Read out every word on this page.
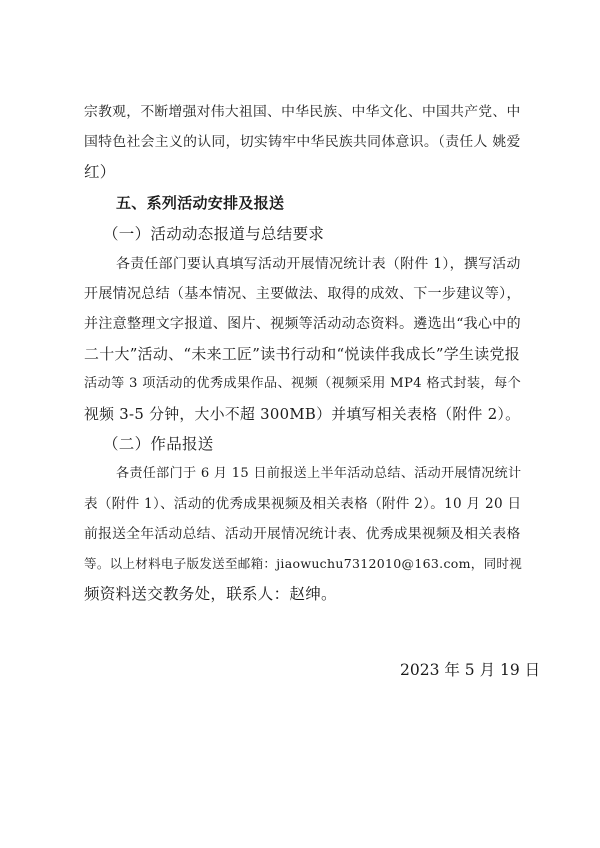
宗教观，不断增强对伟大祖国、中华民族、中华文化、中国共产党、中
国特色社会主义的认同，切实铸牢中华民族共同体意识。（责任人 姚爱
红）
五、系列活动安排及报送
（一）活动动态报道与总结要求
各责任部门要认真填写活动开展情况统计表（附件 1），撰写活动
开展情况总结（基本情况、主要做法、取得的成效、下一步建议等），
并注意整理文字报道、图片、视频等活动动态资料。遴选出“我心中的
二十大”活动、“未来工匠”读书行动和“悦读伴我成长”学生读党报
活动等 3 项活动的优秀成果作品、视频（视频采用 MP4 格式封装，每个
视频 3-5 分钟，大小不超 300MB）并填写相关表格（附件 2）。
（二）作品报送
各责任部门于 6 月 15 日前报送上半年活动总结、活动开展情况统计
表（附件 1）、活动的优秀成果视频及相关表格（附件 2）。10 月 20 日
前报送全年活动总结、活动开展情况统计表、优秀成果视频及相关表格
等。以上材料电子版发送至邮箱：jiaowuchu7312010@163.com，同时视
频资料送交教务处，联系人：赵绅。
2023 年 5 月 19 日
